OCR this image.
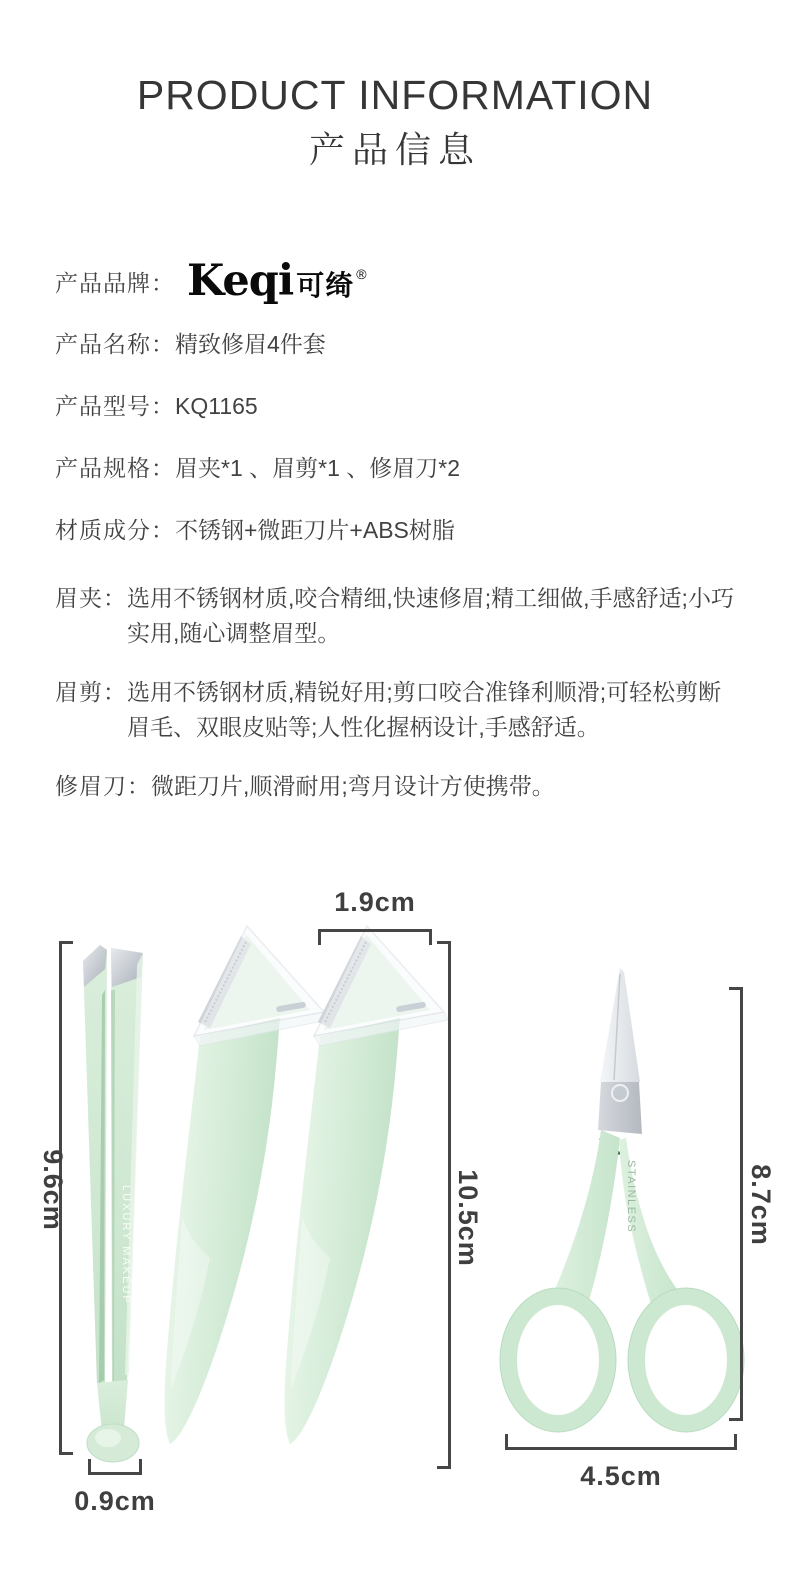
PRODUCT INFORMATION
产品信息
产品品牌： Keqi 可绮 ®
产品名称： 精致修眉4件套
产品型号： KQ1165
产品规格： 眉夹*1 、眉剪*1 、修眉刀*2
材质成分： 不锈钢+微距刀片+ABS树脂
眉夹： 选用不锈钢材质,咬合精细,快速修眉;精工细做,手感舒适;小巧实用,随心调整眉型。
眉剪： 选用不锈钢材质,精锐好用;剪口咬合准锋利顺滑;可轻松剪断眉毛、双眼皮贴等;人性化握柄设计,手感舒适。
修眉刀： 微距刀片,顺滑耐用;弯月设计方使携带。
LUXURY MAKEUP	STAINLESS
9.6cm
0.9cm
1.9cm
10.5cm	8.7cm
4.5cm
